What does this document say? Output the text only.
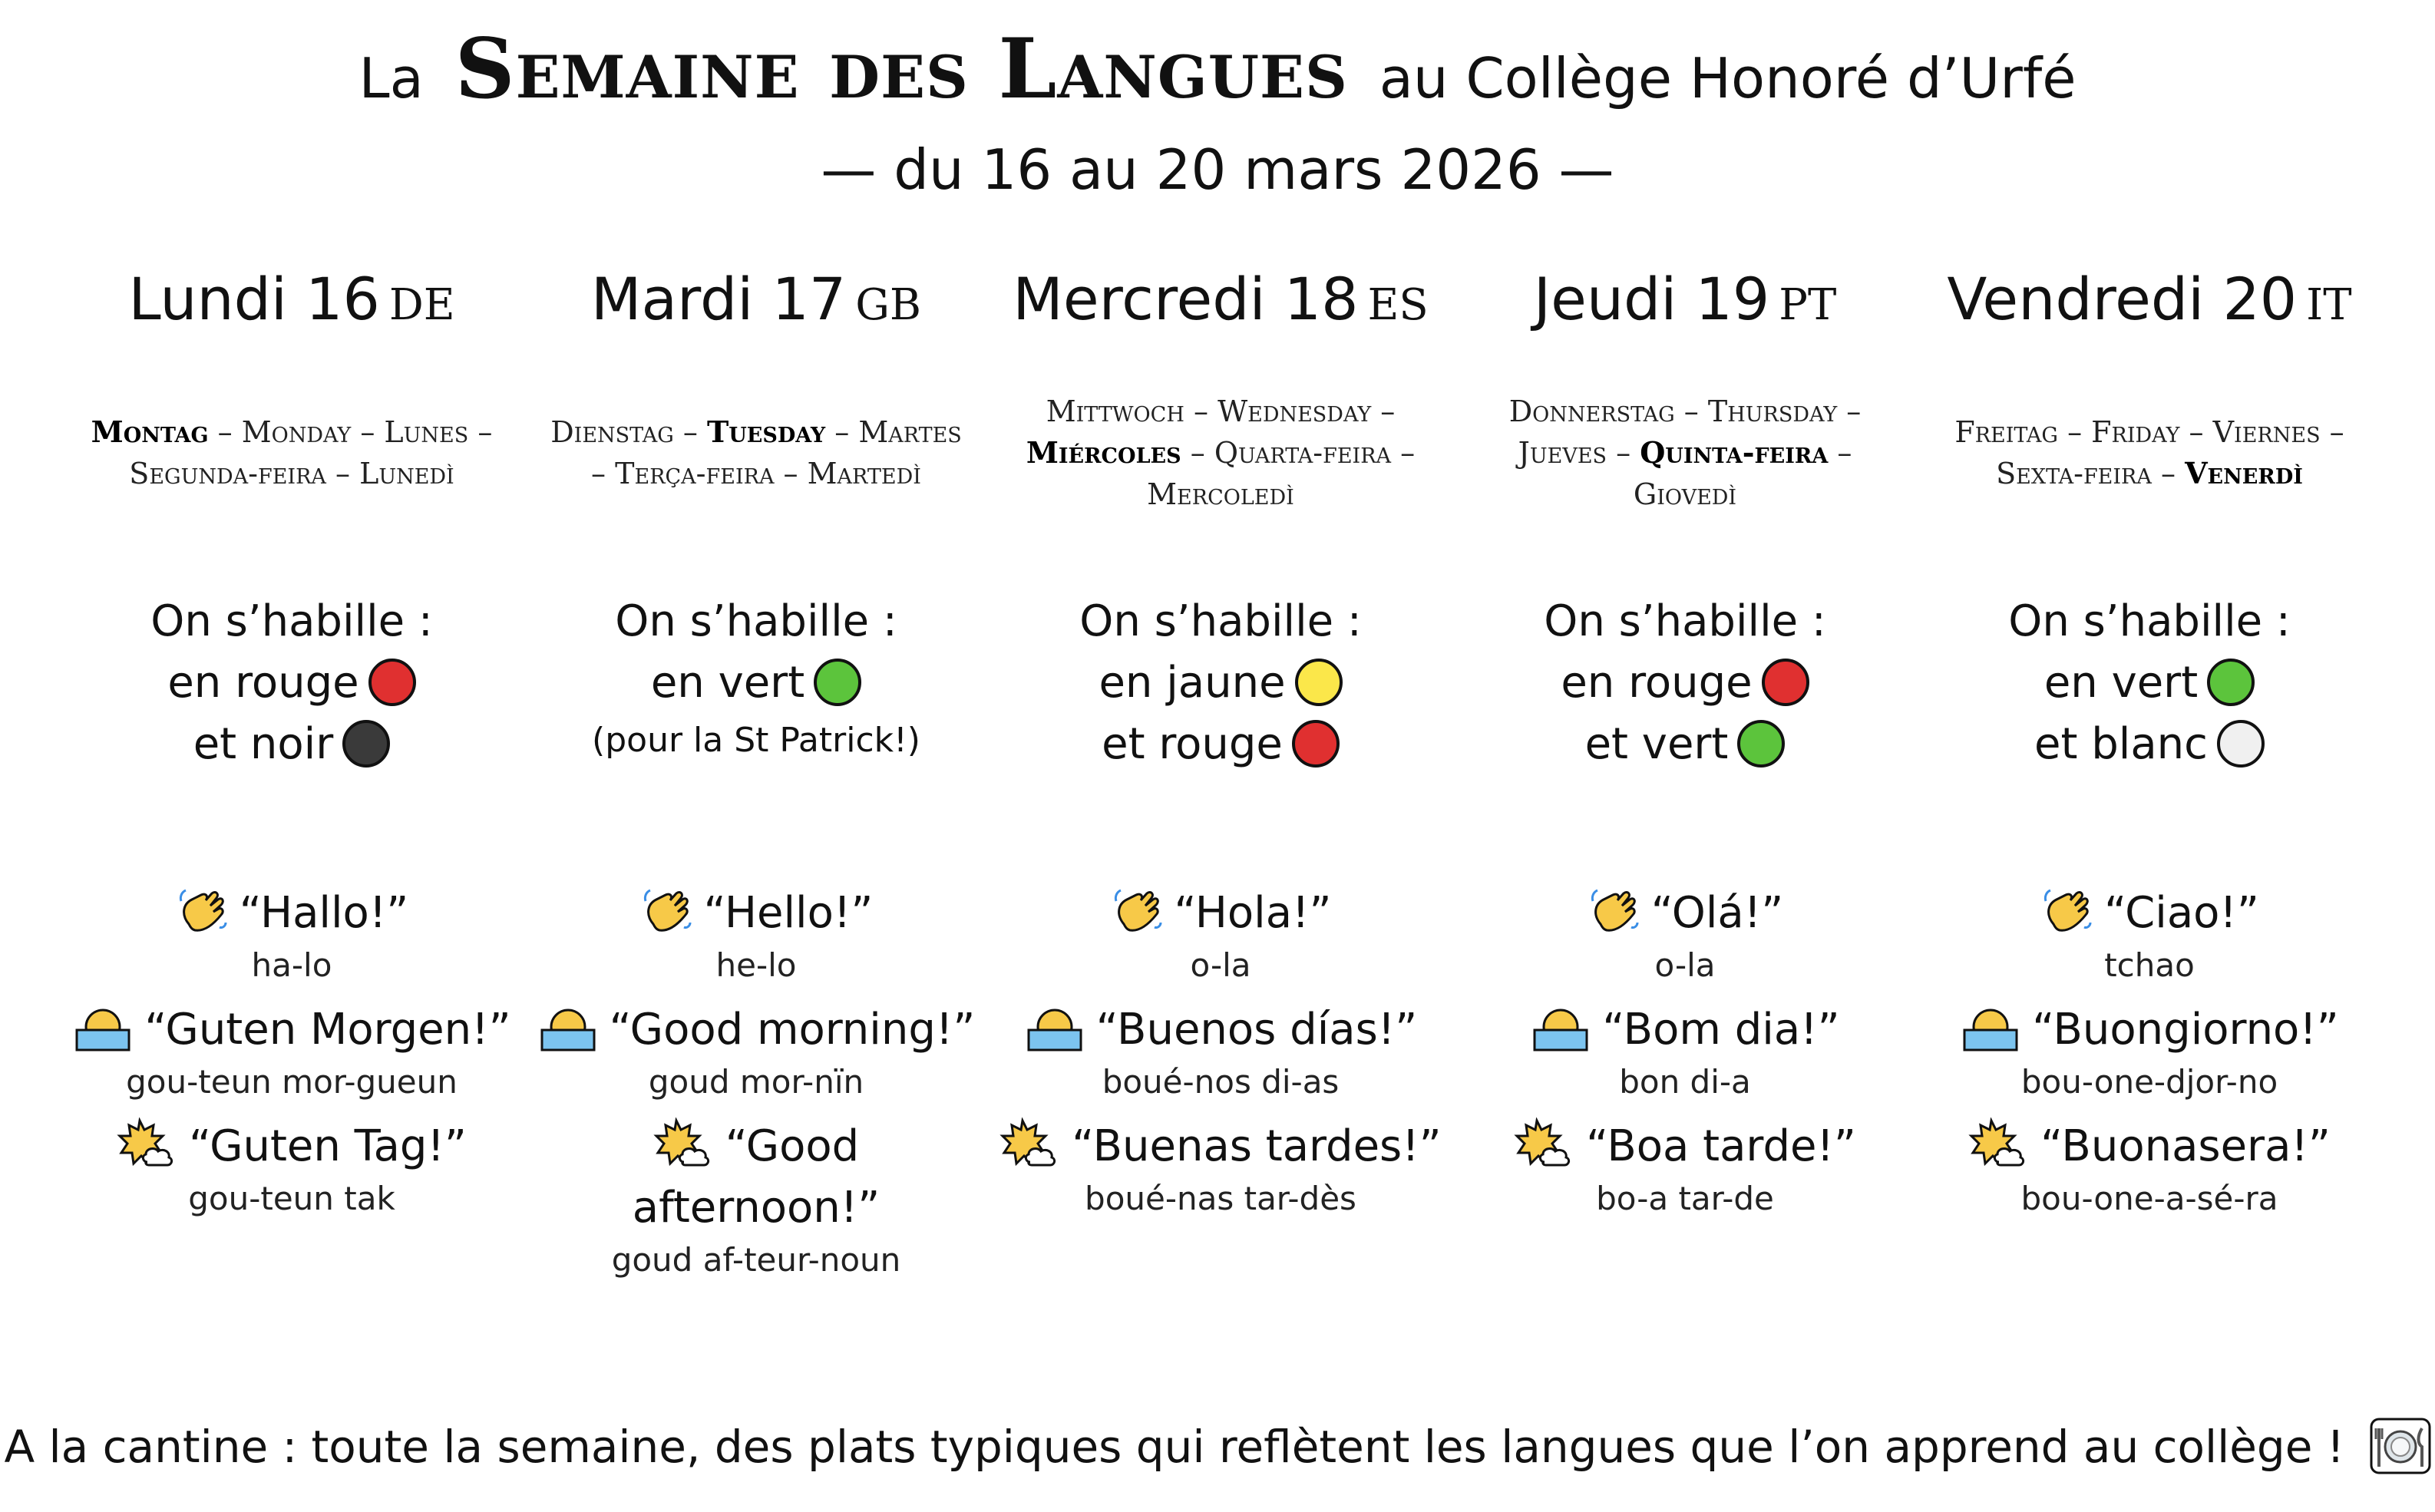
La Semaine des Langues au Collège Honoré d’Urfé
— du 16 au 20 mars 2026 —
Lundi 16 DE
Montag – Monday – Lunes – Segunda-feira – Lunedì
On s’habille :
en rouge
et noir
“Hallo!”
ha-lo
“Guten Morgen!”
gou-teun mor-gueun
“Guten Tag!”
gou-teun tak
Mardi 17 GB
Dienstag – Tuesday – Martes – Terça-feira – Martedì
On s’habille :
en vert
(pour la St Patrick!)
“Hello!”
he-lo
“Good morning!”
goud mor-nïn
“Good afternoon!”
goud af-teur-noun
Mercredi 18 ES
Mittwoch – Wednesday – Miércoles – Quarta-feira – Mercoledì
On s’habille :
en jaune
et rouge
“Hola!”
o-la
“Buenos días!”
boué-nos di-as
“Buenas tardes!”
boué-nas tar-dès
Jeudi 19 PT
Donnerstag – Thursday – Jueves – Quinta-feira – Giovedì
On s’habille :
en rouge
et vert
“Olá!”
o-la
“Bom dia!”
bon di-a
“Boa tarde!”
bo-a tar-de
Vendredi 20 IT
Freitag – Friday – Viernes – Sexta-feira – Venerdì
On s’habille :
en vert
et blanc
“Ciao!”
tchao
“Buongiorno!”
bou-one-djor-no
“Buonasera!”
bou-one-a-sé-ra
A la cantine : toute la semaine, des plats typiques qui reflètent les langues que l’on apprend au collège !
